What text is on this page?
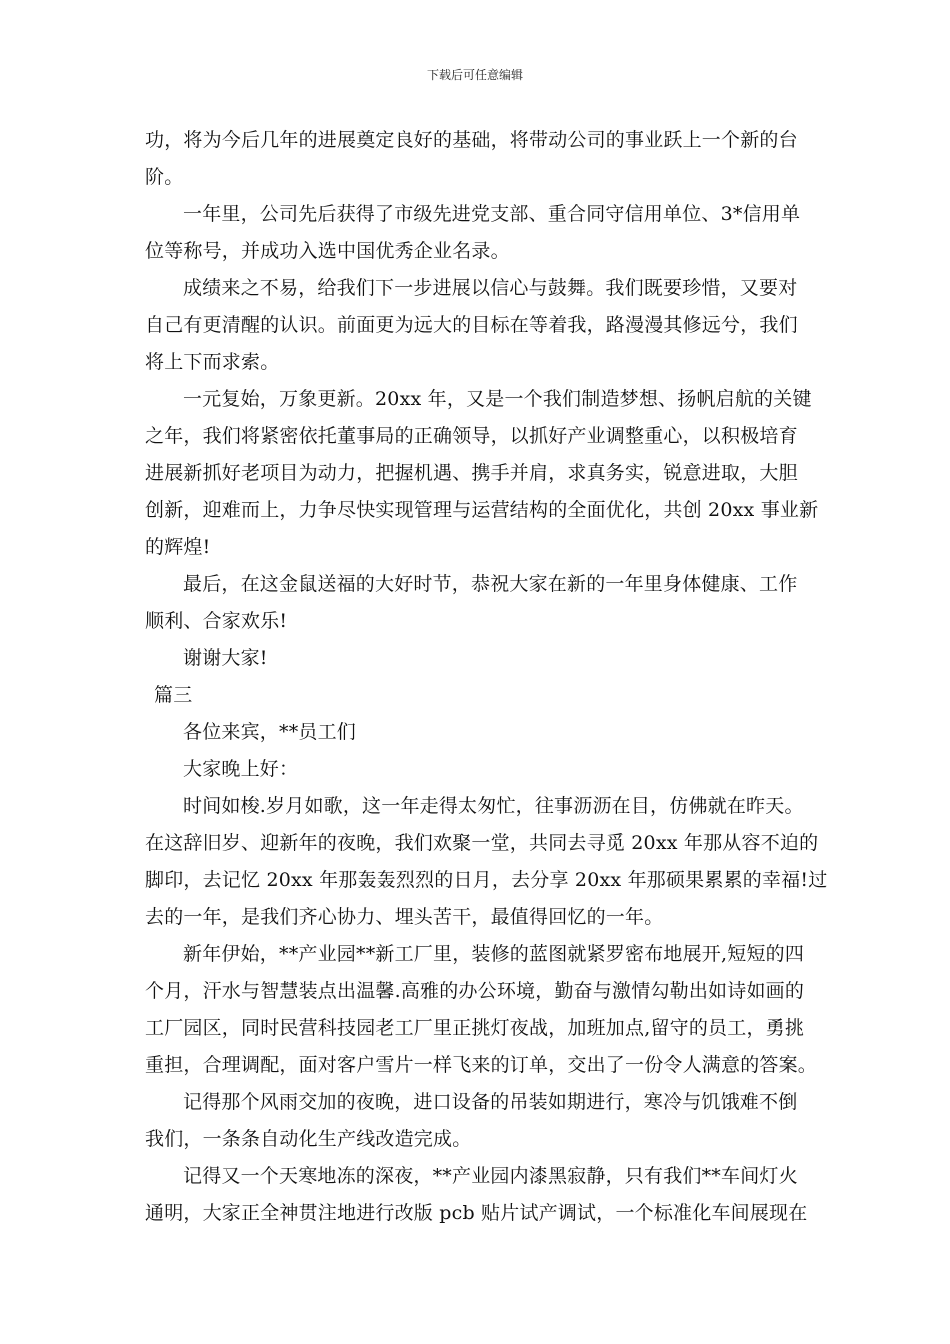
下载后可任意编辑
功，将为今后几年的进展奠定良好的基础，将带动公司的事业跃上一个新的台
阶。
一年里，公司先后获得了市级先进党支部、重合同守信用单位、3*信用单
位等称号，并成功入选中国优秀企业名录。
成绩来之不易，给我们下一步进展以信心与鼓舞。我们既要珍惜，又要对
自己有更清醒的认识。前面更为远大的目标在等着我，路漫漫其修远兮，我们
将上下而求索。
一元复始，万象更新。20xx 年，又是一个我们制造梦想、扬帆启航的关键
之年，我们将紧密依托董事局的正确领导，以抓好产业调整重心，以积极培育
进展新抓好老项目为动力，把握机遇、携手并肩，求真务实，锐意进取，大胆
创新，迎难而上，力争尽快实现管理与运营结构的全面优化，共创 20xx 事业新
的辉煌!
最后，在这金鼠送福的大好时节，恭祝大家在新的一年里身体健康、工作
顺利、合家欢乐!
谢谢大家!
篇三
各位来宾，**员工们
大家晚上好：
时间如梭.岁月如歌，这一年走得太匆忙，往事沥沥在目，仿佛就在昨天。
在这辞旧岁、迎新年的夜晚，我们欢聚一堂，共同去寻觅 20xx 年那从容不迫的
脚印，去记忆 20xx 年那轰轰烈烈的日月，去分享 20xx 年那硕果累累的幸福!过
去的一年，是我们齐心协力、埋头苦干，最值得回忆的一年。
新年伊始，**产业园**新工厂里，装修的蓝图就紧罗密布地展开,短短的四
个月，汗水与智慧装点出温馨.高雅的办公环境，勤奋与激情勾勒出如诗如画的
工厂园区，同时民营科技园老工厂里正挑灯夜战，加班加点,留守的员工，勇挑
重担，合理调配，面对客户雪片一样飞来的订单，交出了一份令人满意的答案。
记得那个风雨交加的夜晚，进口设备的吊装如期进行，寒冷与饥饿难不倒
我们，一条条自动化生产线改造完成。
记得又一个天寒地冻的深夜，**产业园内漆黑寂静，只有我们**车间灯火
通明，大家正全神贯注地进行改版 pcb 贴片试产调试，一个标准化车间展现在
